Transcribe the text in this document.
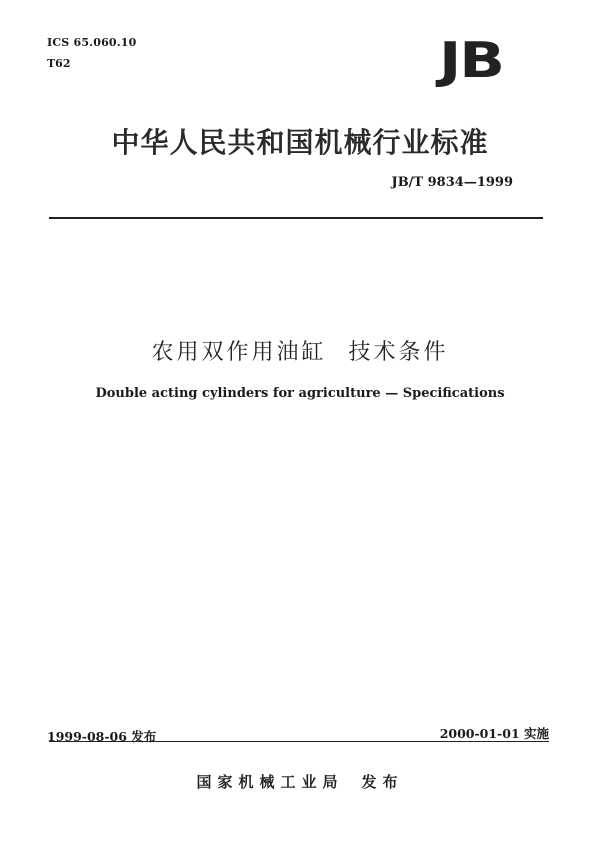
ICS 65.060.10
T62	JB
中华人民共和国机械行业标准
JB/T 9834—1999
农用双作用油缸 技术条件
Double acting cylinders for agriculture — Specifications
1999-08-06 发布	2000-01-01 实施
国家机械工业局 发布
